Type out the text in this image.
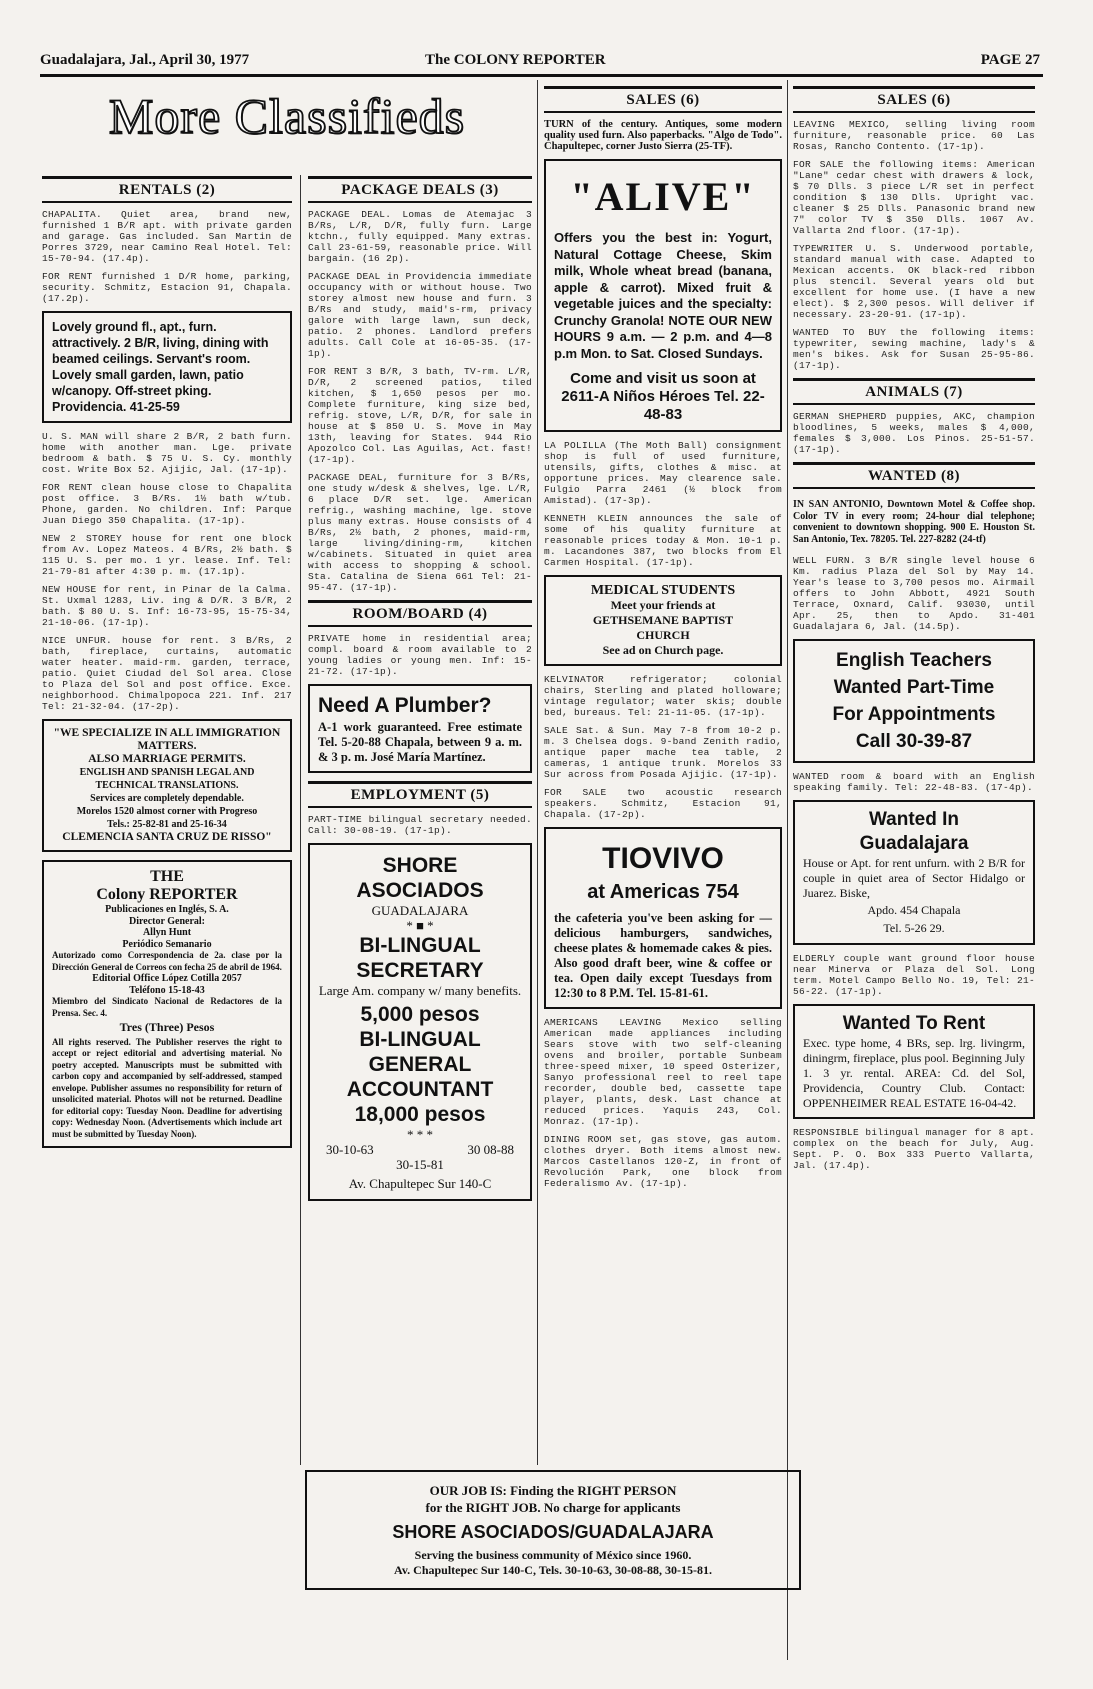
Guadalajara, Jal., April 30, 1977	The COLONY REPORTER	PAGE 27
More Classifieds
RENTALS (2)

CHAPALITA. Quiet area, brand new, furnished 1 B/R apt. with private garden and garage. Gas included. San Martin de Porres 3729, near Camino Real Hotel. Tel: 15-70-94. (17.4p).

FOR RENT furnished 1 D/R home, parking, security. Schmitz, Estacion 91, Chapala. (17.2p).

Lovely ground fl., apt., furn. attractively. 2 B/R, living, dining with beamed ceilings. Servant's room. Lovely small garden, lawn, patio w/canopy. Off-street pking. Providencia. 41-25-59

U. S. MAN will share 2 B/R, 2 bath furn. home with another man. Lge. private bedroom & bath. $ 75 U. S. Cy. monthly cost. Write Box 52. Ajijic, Jal. (17-1p).

FOR RENT clean house close to Chapalita post office. 3 B/Rs. 1½ bath w/tub. Phone, garden. No children. Inf: Parque Juan Diego 350 Chapalita. (17-1p).

NEW 2 STOREY house for rent one block from Av. Lopez Mateos. 4 B/Rs, 2½ bath. $ 115 U. S. per mo. 1 yr. lease. Inf. Tel: 21-79-81 after 4:30 p. m. (17.1p).

NEW HOUSE for rent, in Pinar de la Calma. St. Uxmal 1283, Liv. ing & D/R. 3 B/R, 2 bath. $ 80 U. S. Inf: 16-73-95, 15-75-34, 21-10-06. (17-1p).

NICE UNFUR. house for rent. 3 B/Rs, 2 bath, fireplace, curtains, automatic water heater. maid-rm. garden, terrace, patio. Quiet Ciudad del Sol area. Close to Plaza del Sol and post office. Exce. neighborhood. Chimalpopoca 221. Inf. 217 Tel: 21-32-04. (17-2p).

"WE SPECIALIZE IN ALL IMMIGRATION MATTERS.
ALSO MARRIAGE PERMITS.
ENGLISH AND SPANISH LEGAL AND TECHNICAL TRANSLATIONS.
Services are completely dependable.
Morelos 1520 almost corner with Progreso
Tels.: 25-82-81 and 25-16-34
CLEMENCIA SANTA CRUZ DE RISSO"
THE
Colony REPORTER
Publicaciones en Inglés, S. A.
Director General:
Allyn Hunt
Periódico Semanario
Autorizado como Correspondencia de 2a. clase por la Dirección General de Correos con fecha 25 de abril de 1964.
Editorial Office López Cotilla 2057
Teléfono 15-18-43
Miembro del Sindicato Nacional de Redactores de la Prensa. Sec. 4.
Tres (Three) Pesos
All rights reserved. The Publisher reserves the right to accept or reject editorial and advertising material. No poetry accepted. Manuscripts must be submitted with carbon copy and accompanied by self-addressed, stamped envelope. Publisher assumes no responsibility for return of unsolicited material. Photos will not be returned. Deadline for editorial copy: Tuesday Noon. Deadline for advertising copy: Wednesday Noon. (Advertisements which include art must be submitted by Tuesday Noon).
PACKAGE DEALS (3)

PACKAGE DEAL. Lomas de Atemajac 3 B/Rs, L/R, D/R, fully furn. Large ktchn., fully equipped. Many extras. Call 23-61-59, reasonable price. Will bargain. (16 2p).

PACKAGE DEAL in Providencia immediate occupancy with or without house. Two storey almost new house and furn. 3 B/Rs and study, maid's-rm, privacy galore with large lawn, sun deck, patio. 2 phones. Landlord prefers adults. Call Cole at 16-05-35. (17-1p).

FOR RENT 3 B/R, 3 bath, TV-rm. L/R, D/R, 2 screened patios, tiled kitchen, $ 1,650 pesos per mo. Complete furniture, king size bed, refrig. stove, L/R, D/R, for sale in house at $ 850 U. S. Move in May 13th, leaving for States. 944 Rio Apozolco Col. Las Aguilas, Act. fast! (17-1p).

PACKAGE DEAL, furniture for 3 B/Rs, one study w/desk & shelves, lge. L/R, 6 place D/R set. lge. American refrig., washing machine, lge. stove plus many extras. House consists of 4 B/Rs, 2½ bath, 2 phones, maid-rm, large living/dining-rm, kitchen w/cabinets. Situated in quiet area with access to shopping & school. Sta. Catalina de Siena 661 Tel: 21-95-47. (17-1p).

ROOM/BOARD (4)

PRIVATE home in residential area; compl. board & room available to 2 young ladies or young men. Inf: 15-21-72. (17-1p).

Need A Plumber?
A-1 work guaranteed. Free estimate Tel. 5-20-88 Chapala, between 9 a. m. & 3 p. m. José María Martínez.
EMPLOYMENT (5)

PART-TIME bilingual secretary needed. Call: 30-08-19. (17-1p).

SHORE
ASOCIADOS
GUADALAJARA
* ■ *
BI-LINGUAL
SECRETARY
Large Am. company w/ many benefits.
5,000 pesos
BI-LINGUAL
GENERAL
ACCOUNTANT
18,000 pesos
* * *
30-10-63	30 08-88
30-15-81
Av. Chapultepec Sur 140-C
SALES (6)

TURN of the century. Antiques, some modern quality used furn. Also paperbacks. "Algo de Todo". Chapultepec, corner Justo Sierra (25-TF).

"ALIVE"
Offers you the best in: Yogurt, Natural Cottage Cheese, Skim milk, Whole wheat bread (banana, apple & carrot). Mixed fruit & vegetable juices and the specialty: Crunchy Granola! NOTE OUR NEW HOURS 9 a.m. — 2 p.m. and 4—8 p.m Mon. to Sat. Closed Sundays.
Come and visit us soon at 2611-A Niños Héroes Tel. 22-48-83

LA POLILLA (The Moth Ball) consignment shop is full of used furniture, utensils, gifts, clothes & misc. at opportune prices. May clearence sale. Fulgio Parra 2461 (½ block from Amistad). (17-3p).

KENNETH KLEIN announces the sale of some of his quality furniture at reasonable prices today & Mon. 10-1 p. m. Lacandones 387, two blocks from El Carmen Hospital. (17-1p).

MEDICAL STUDENTS
Meet your friends at
GETHSEMANE BAPTIST
CHURCH
See ad on Church page.

KELVINATOR refrigerator; colonial chairs, Sterling and plated holloware; vintage regulator; water skis; double bed, bureaus. Tel: 21-11-05. (17-1p).

SALE Sat. & Sun. May 7-8 from 10-2 p. m. 3 Chelsea dogs. 9-band Zenith radio, antique paper mache tea table, 2 cameras, 1 antique trunk. Morelos 33 Sur across from Posada Ajijic. (17-1p).

FOR SALE two acoustic research speakers. Schmitz, Estacion 91, Chapala. (17-2p).

TIOVIVO
at Americas 754
the cafeteria you've been asking for — delicious hamburgers, sandwiches, cheese plates & homemade cakes & pies. Also good draft beer, wine & coffee or tea. Open daily except Tuesdays from 12:30 to 8 P.M. Tel. 15-81-61.

AMERICANS LEAVING Mexico selling American made appliances including Sears stove with two self-cleaning ovens and broiler, portable Sunbeam three-speed mixer, 10 speed Osterizer, Sanyo professional reel to reel tape recorder, double bed, cassette tape player, plants, desk. Last chance at reduced prices. Yaquis 243, Col. Monraz. (17-1p).

DINING ROOM set, gas stove, gas autom. clothes dryer. Both items almost new. Marcos Castellanos 120-Z, in front of Revolución Park, one block from Federalismo Av. (17-1p).

SALES (6)

LEAVING MEXICO, selling living room furniture, reasonable price. 60 Las Rosas, Rancho Contento. (17-1p).

FOR SALE the following items: American "Lane" cedar chest with drawers & lock, $ 70 Dlls. 3 piece L/R set in perfect condition $ 130 Dlls. Upright vac. cleaner $ 25 Dlls. Panasonic brand new 7" color TV $ 350 Dlls. 1067 Av. Vallarta 2nd floor. (17-1p).

TYPEWRITER U. S. Underwood portable, standard manual with case. Adapted to Mexican accents. OK black-red ribbon plus stencil. Several years old but excellent for home use. (I have a new elect). $ 2,300 pesos. Will deliver if necessary. 23-20-91. (17-1p).

WANTED TO BUY the following items: typewriter, sewing machine, lady's & men's bikes. Ask for Susan 25-95-86. (17-1p).

ANIMALS (7)

GERMAN SHEPHERD puppies, AKC, champion bloodlines, 5 weeks, males $ 4,000, females $ 3,000. Los Pinos. 25-51-57. (17-1p).

WANTED (8)

IN SAN ANTONIO, Downtown Motel & Coffee shop. Color TV in every room; 24-hour dial telephone; convenient to downtown shopping. 900 E. Houston St. San Antonio, Tex. 78205. Tel. 227-8282 (24-tf)

WELL FURN. 3 B/R single level house 6 Km. radius Plaza del Sol by May 14. Year's lease to 3,700 pesos mo. Airmail offers to John Abbott, 4921 South Terrace, Oxnard, Calif. 93030, until Apr. 25, then to Apdo. 31-401 Guadalajara 6, Jal. (14.5p).

English Teachers
Wanted Part-Time
For Appointments
Call 30-39-87

WANTED room & board with an English speaking family. Tel: 22-48-83. (17-4p).

Wanted In
Guadalajara
House or Apt. for rent unfurn. with 2 B/R for couple in quiet area of Sector Hidalgo or Juarez. Biske,
Apdo. 454 Chapala
Tel. 5-26 29.

ELDERLY couple want ground floor house near Minerva or Plaza del Sol. Long term. Motel Campo Bello No. 19, Tel: 21-56-22. (17-1p).

Wanted To Rent
Exec. type home, 4 BRs, sep. lrg. livingrm, diningrm, fireplace, plus pool. Beginning July 1. 3 yr. rental. AREA: Cd. del Sol, Providencia, Country Club. Contact: OPPENHEIMER REAL ESTATE 16-04-42.

RESPONSIBLE bilingual manager for 8 apt. complex on the beach for July, Aug. Sept. P. O. Box 333 Puerto Vallarta, Jal. (17.4p).

OUR JOB IS: Finding the RIGHT PERSON
for the RIGHT JOB. No charge for applicants
SHORE ASOCIADOS/GUADALAJARA
Serving the business community of México since 1960.
Av. Chapultepec Sur 140-C, Tels. 30-10-63, 30-08-88, 30-15-81.
